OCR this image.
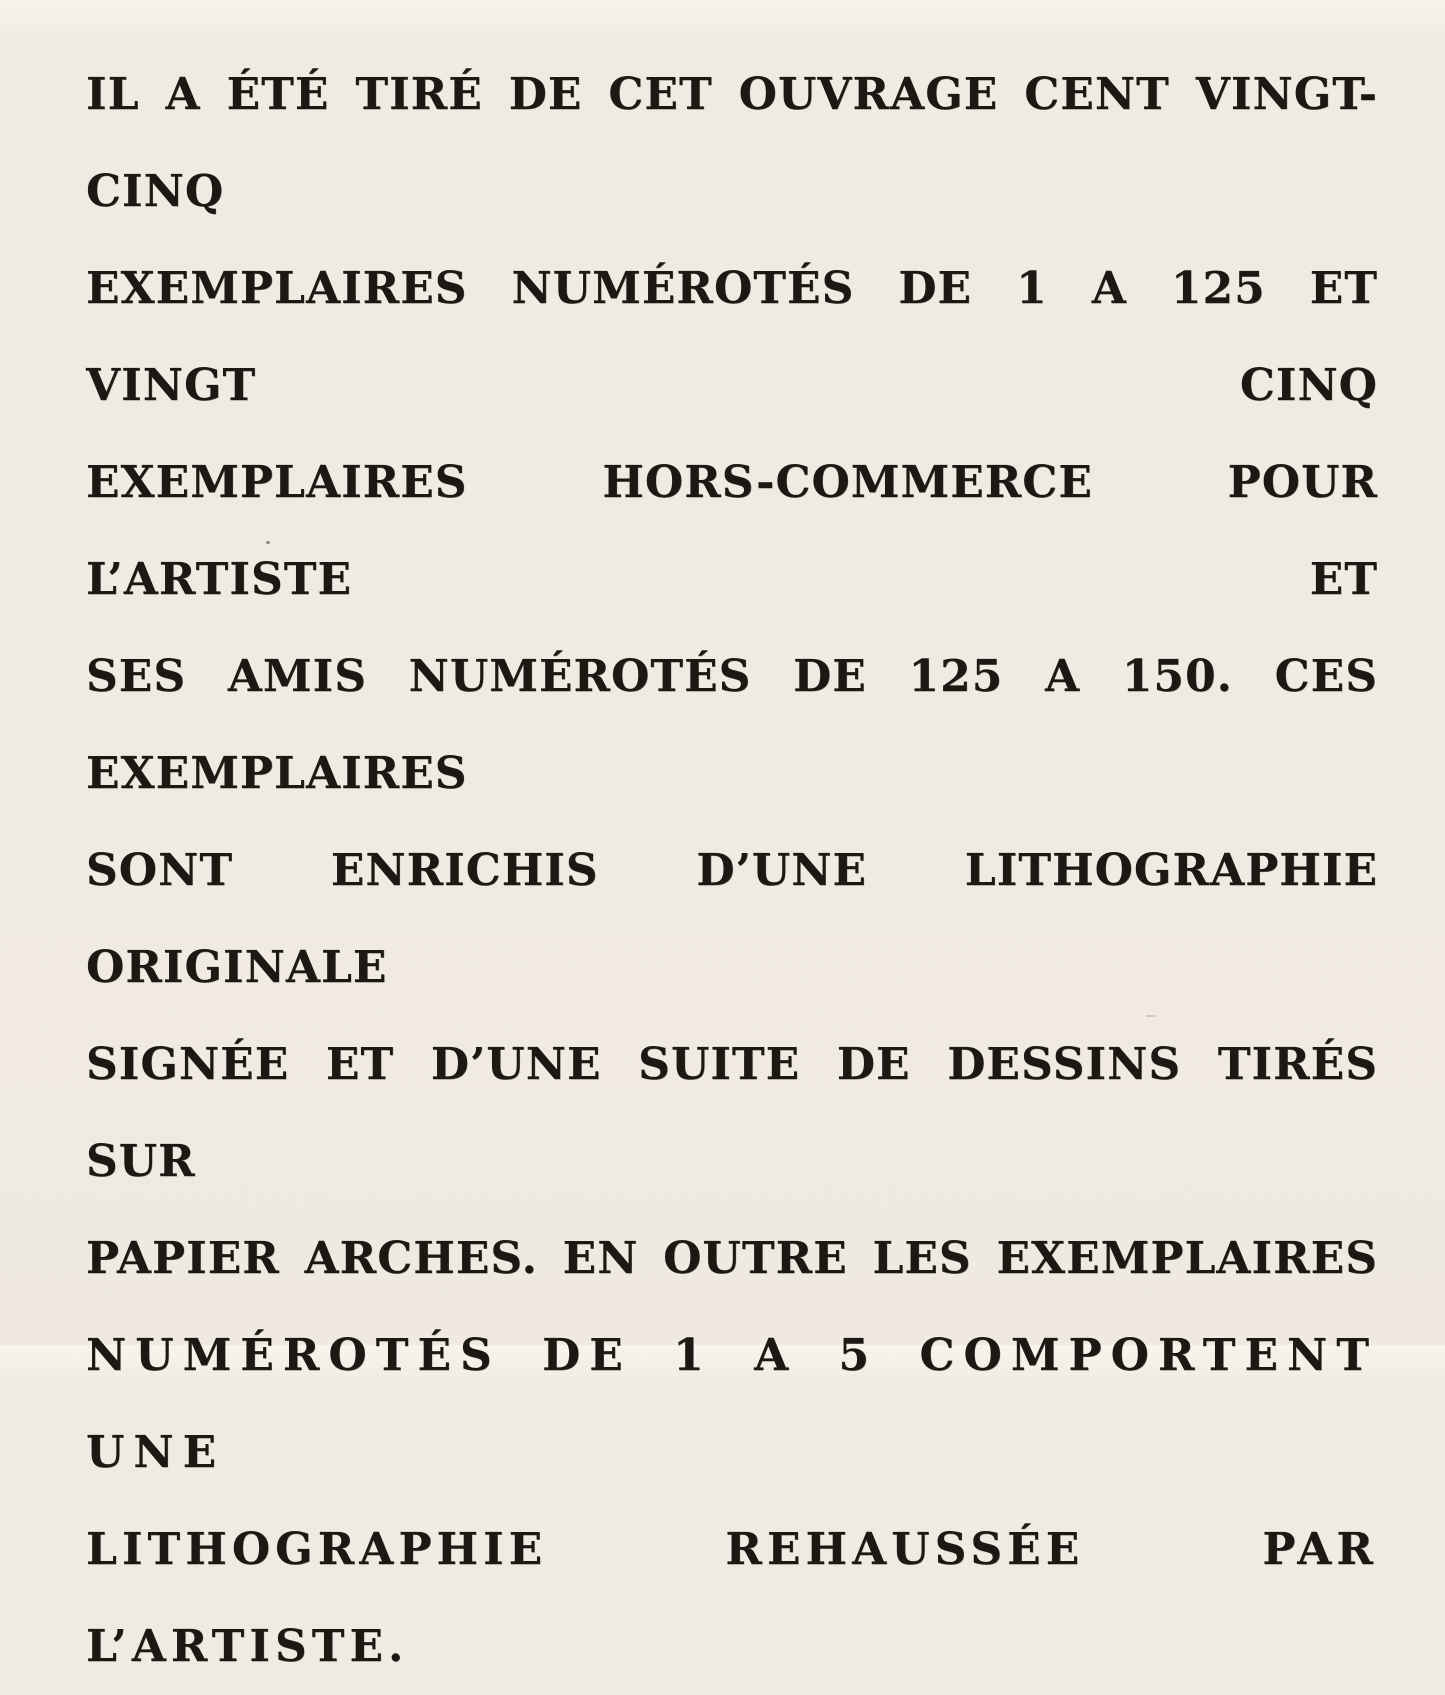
IL A ÉTÉ TIRÉ DE CET OUVRAGE CENT VINGT-CINQ
EXEMPLAIRES NUMÉROTÉS DE 1 A 125 ET VINGT CINQ
EXEMPLAIRES HORS-COMMERCE POUR L’ARTISTE ET
SES AMIS NUMÉROTÉS DE 125 A 150. CES EXEMPLAIRES
SONT ENRICHIS D’UNE LITHOGRAPHIE ORIGINALE
SIGNÉE ET D’UNE SUITE DE DESSINS TIRÉS SUR
PAPIER ARCHES. EN OUTRE LES EXEMPLAIRES
NUMÉROTÉS DE 1 A 5 COMPORTENT UNE
LITHOGRAPHIE REHAUSSÉE PAR L’ARTISTE.
